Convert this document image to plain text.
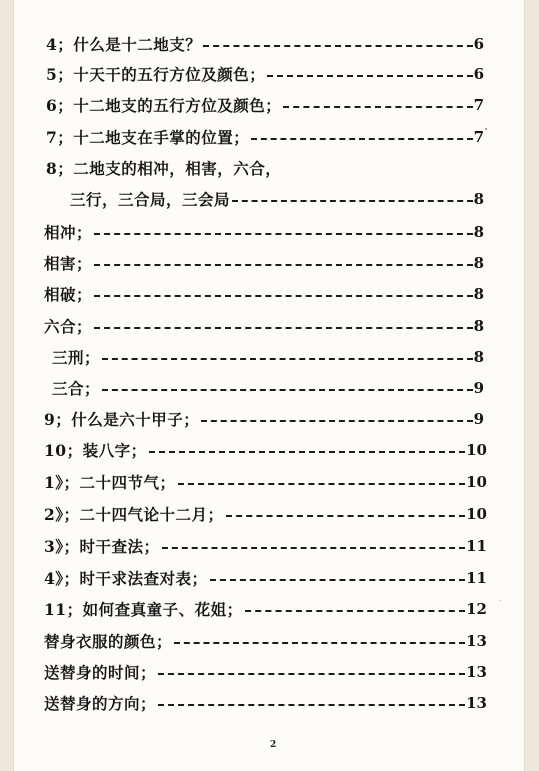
4；什么是十二地支？	6
5；十天干的五行方位及颜色；	6
6；十二地支的五行方位及颜色；	7
7；十二地支在手掌的位置；	7
8；二地支的相冲，相害，六合，
三行，三合局，三会局	8
相冲；	8
相害；	8
相破；	8
六合；	8
三刑；	8
三合；	9
9；什么是六十甲子；	9
10；装八字；	10
1》；二十四节气；	10
2》；二十四气论十二月；	10
3》；时干查法；	11
4》；时干求法查对表；	11
11；如何查真童子、花姐；	12
替身衣服的颜色；	13
送替身的时间；	13
送替身的方向；	13
2
